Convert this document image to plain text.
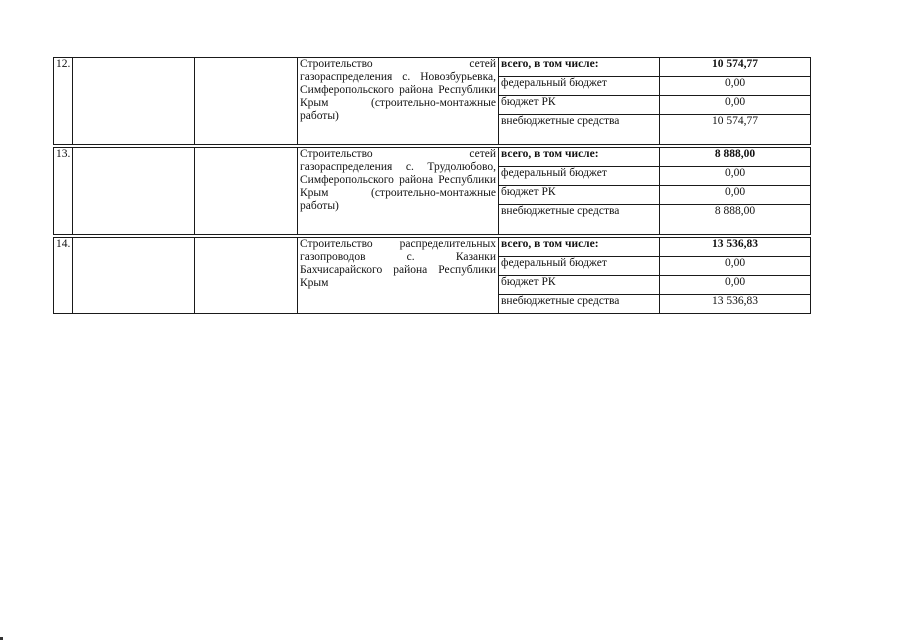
12.			Строительство сетей газораспределения с. Новозбурьевка, Симферопольского района Республики Крым (строительно-монтажные работы)	всего, в том числе:	10 574,77
				федеральный бюджет	0,00
				бюджет РК	0,00
				внебюджетные средства	10 574,77

13.			Строительство сетей газораспределения с. Трудолюбово, Симферопольского района Республики Крым (строительно-монтажные работы)	всего, в том числе:	8 888,00
				федеральный бюджет	0,00
				бюджет РК	0,00
				внебюджетные средства	8 888,00

14.			Строительство распределительных газопроводов с. Казанки Бахчисарайского района Республики Крым	всего, в том числе:	13 536,83
				федеральный бюджет	0,00
				бюджет РК	0,00
				внебюджетные средства	13 536,83
